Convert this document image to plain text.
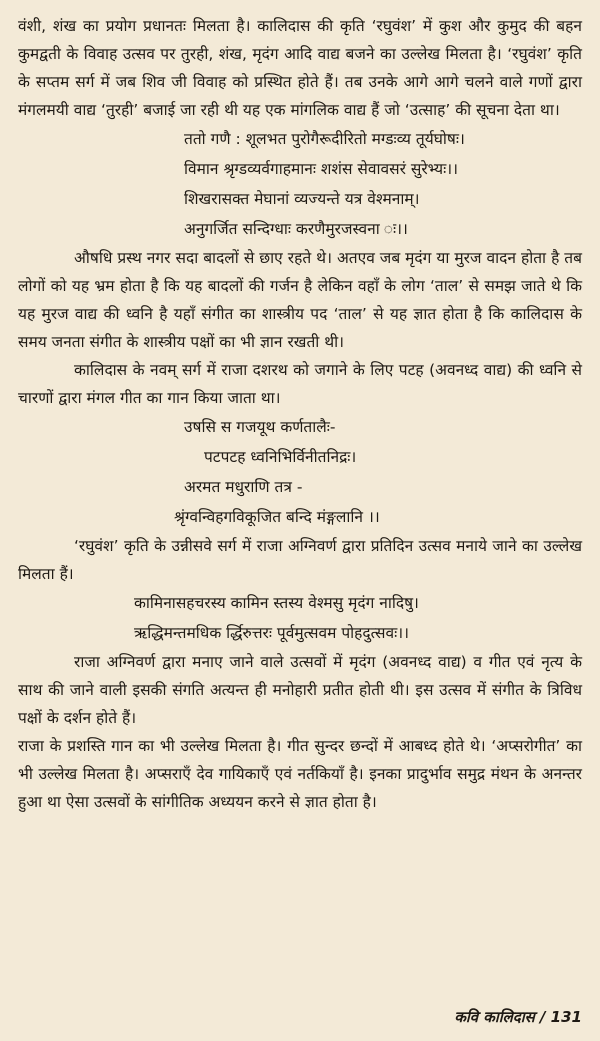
वंशी, शंख का प्रयोग प्रधानतः मिलता है। कालिदास की कृति ‘रघुवंश’ में कुश और कुमुद की बहन कुमद्वती के विवाह उत्सव पर तुरही, शंख, मृदंग आदि वाद्य बजने का उल्लेख मिलता है। ‘रघुवंश’ कृति के सप्तम सर्ग में जब शिव जी विवाह को प्रस्थित होते हैं। तब उनके आगे आगे चलने वाले गणों द्वारा मंगलमयी वाद्य ‘तुरही’ बजाई जा रही थी यह एक मांगलिक वाद्य हैं जो ‘उत्साह’ की सूचना देता था।

ततो गणै : शूलभत पुरोगैरूदीरितो मग्डःव्य तूर्यघोषः।
विमान श्रृग्डव्यर्वगाहमानः शशंस सेवावसरं सुरेभ्यः।।
शिखरासक्त मेघानां व्यज्यन्ते यत्र वेश्मनाम्।
अनुगर्जित सन्दिग्धाः करणैमुरजस्वना ः।।

औषधि प्रस्थ नगर सदा बादलों से छाए रहते थे। अतएव जब मृदंग या मुरज वादन होता है तब लोगों को यह भ्रम होता है कि यह बादलों की गर्जन है लेकिन वहाँ के लोग ‘ताल’ से समझ जाते थे कि यह मुरज वाद्य की ध्वनि है यहाँ संगीत का शास्त्रीय पद ‘ताल’ से यह ज्ञात होता है कि कालिदास के समय जनता संगीत के शास्त्रीय पक्षों का भी ज्ञान रखती थी।

कालिदास के नवम् सर्ग में राजा दशरथ को जगाने के लिए पटह (अवनध्द वाद्य) की ध्वनि से चारणों द्वारा मंगल गीत का गान किया जाता था।

उषसि स गजयूथ कर्णतालैः-
पटपटह ध्वनिभिर्विनीतनिद्रः।
अरमत मधुराणि तत्र -
श्रृंग्वन्विहगविकूजित बन्दि मंङ्गलानि ।।

‘रघुवंश’ कृति के उन्नीसवे सर्ग में राजा अग्निवर्ण द्वारा प्रतिदिन उत्सव मनाये जाने का उल्लेख मिलता हैं।

कामिनासहचरस्य कामिन स्तस्य वेश्मसु मृदंग नादिषु।
ऋद्धिमन्तमधिक र्द्धिरुत्तरः पूर्वमुत्सवम पोहदुत्सवः।।

राजा अग्निवर्ण द्वारा मनाए जाने वाले उत्सवों में मृदंग (अवनध्द वाद्य) व गीत एवं नृत्य के साथ की जाने वाली इसकी संगति अत्यन्त ही मनोहारी प्रतीत होती थी। इस उत्सव में संगीत के त्रिविध पक्षों के दर्शन होते हैं।

राजा के प्रशस्ति गान का भी उल्लेख मिलता है। गीत सुन्दर छन्दों में आबध्द होते थे। ‘अप्सरोगीत’ का भी उल्लेख मिलता है। अप्सराएँ देव गायिकाएँ एवं नर्तकियाँ है। इनका प्रादुर्भाव समुद्र मंथन के अनन्तर हुआ था ऐसा उत्सवों के सांगीतिक अध्ययन करने से ज्ञात होता है।

कवि कालिदास / 131
